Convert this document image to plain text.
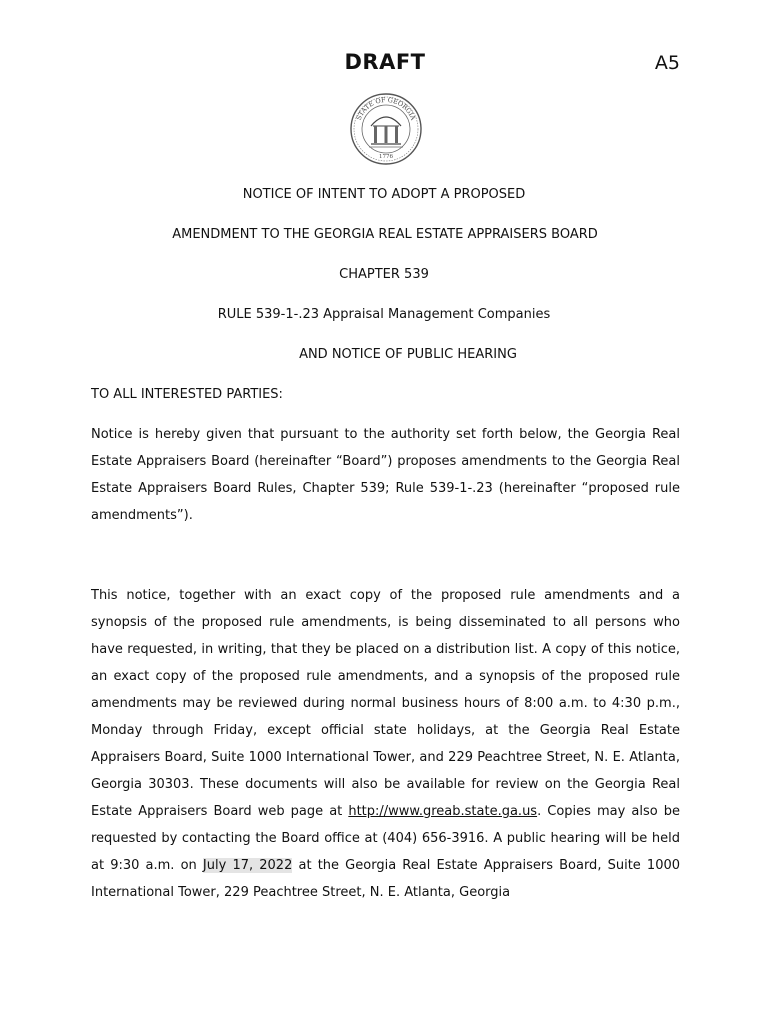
DRAFT	A5
STATE OF GEORGIA
1776
NOTICE OF INTENT TO ADOPT A PROPOSED
AMENDMENT TO THE GEORGIA REAL ESTATE APPRAISERS BOARD
CHAPTER 539
RULE 539-1-.23 Appraisal Management Companies
AND NOTICE OF PUBLIC HEARING
TO ALL INTERESTED PARTIES:
Notice is hereby given that pursuant to the authority set forth below, the Georgia Real Estate Appraisers Board (hereinafter “Board”) proposes amendments to the Georgia Real Estate Appraisers Board Rules, Chapter 539; Rule 539-1-.23 (hereinafter “proposed rule amendments”).
This notice, together with an exact copy of the proposed rule amendments and a synopsis of the proposed rule amendments, is being disseminated to all persons who have requested, in writing, that they be placed on a distribution list. A copy of this notice, an exact copy of the proposed rule amendments, and a synopsis of the proposed rule amendments may be reviewed during normal business hours of 8:00 a.m. to 4:30 p.m., Monday through Friday, except official state holidays, at the Georgia Real Estate Appraisers Board, Suite 1000 International Tower, and 229 Peachtree Street, N. E. Atlanta, Georgia 30303. These documents will also be available for review on the Georgia Real Estate Appraisers Board web page at http://www.greab.state.ga.us. Copies may also be requested by contacting the Board office at (404) 656-3916. A public hearing will be held at 9:30 a.m. on July 17, 2022 at the Georgia Real Estate Appraisers Board, Suite 1000 International Tower, 229 Peachtree Street, N. E. Atlanta, Georgia
